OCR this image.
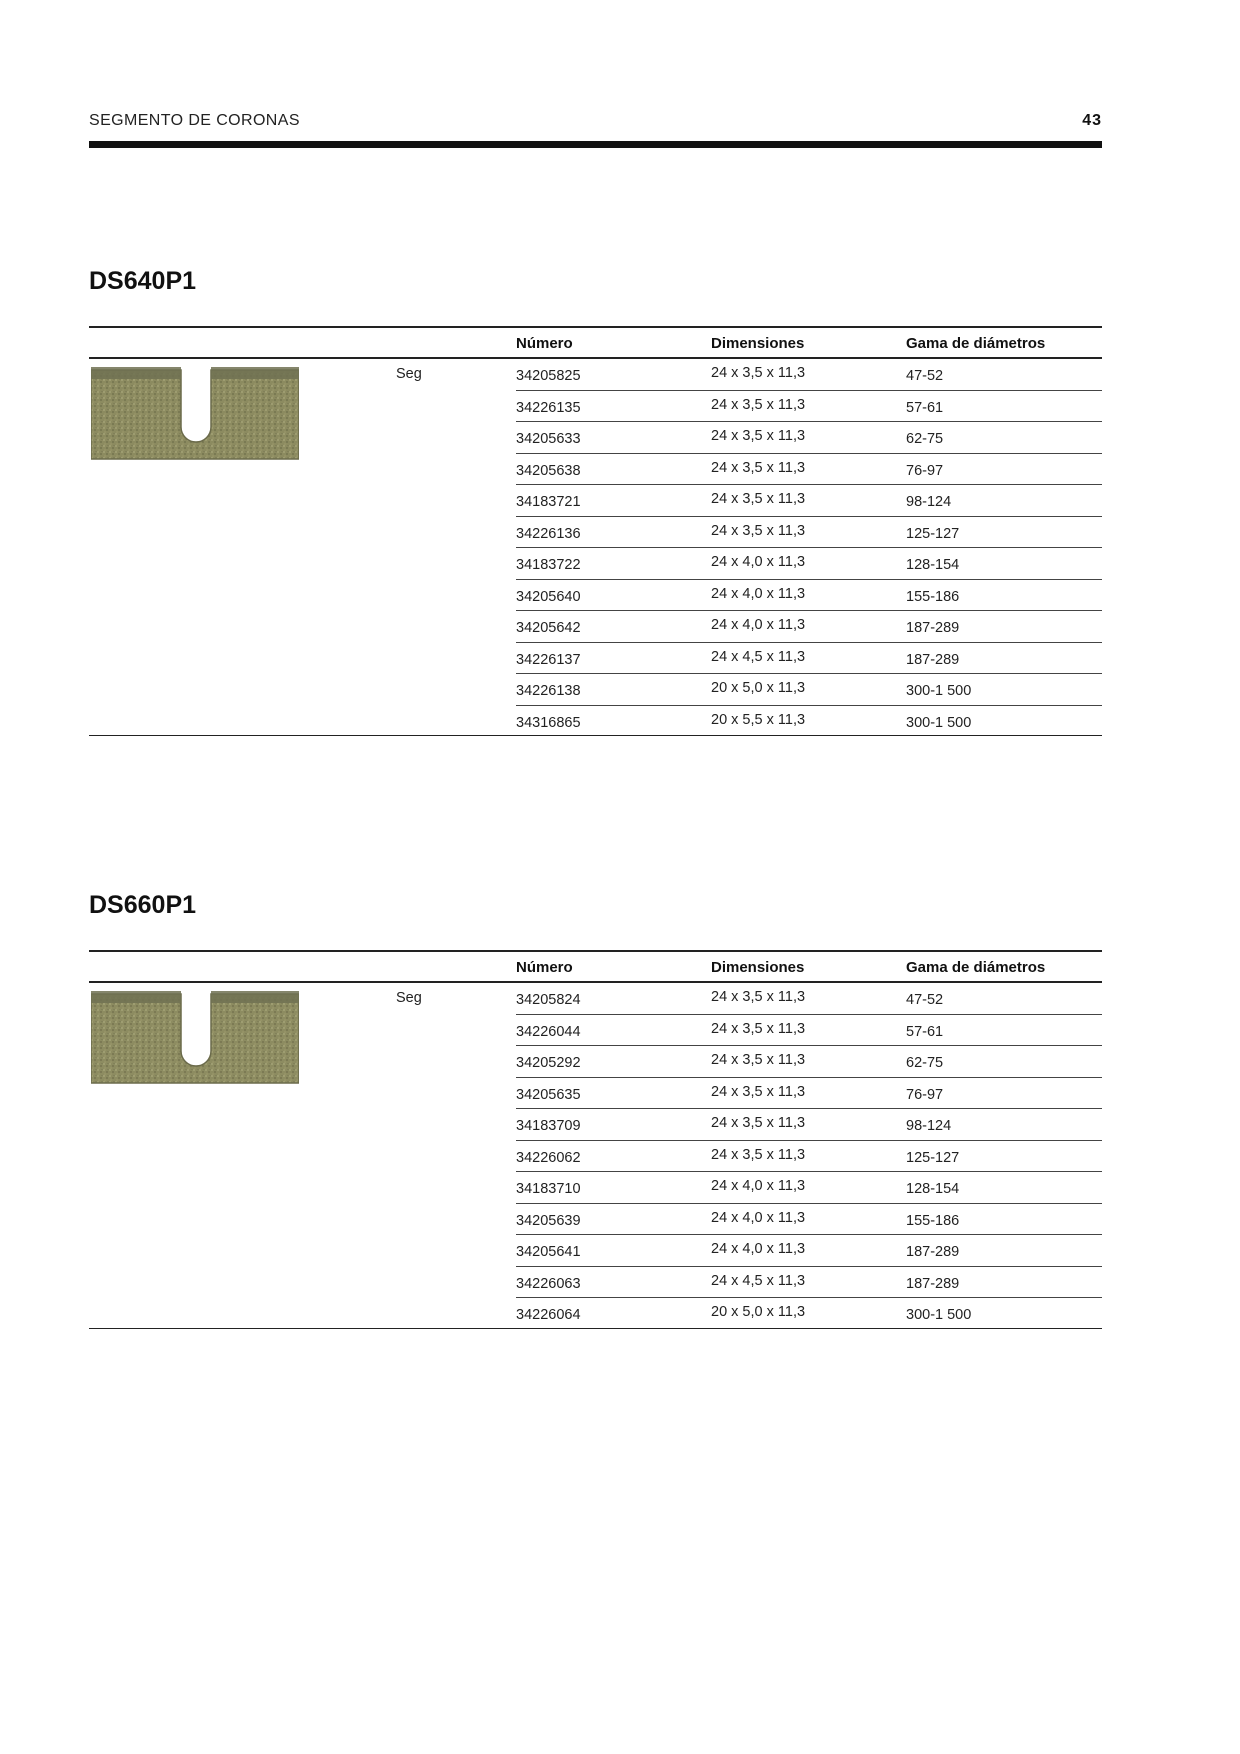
SEGMENTO DE CORONAS	43
DS640P1
Número	Dimensiones	Gama de diámetros
Seg	34205825	24 x 3,5 x 11,3	47-52
34226135	24 x 3,5 x 11,3	57-61
34205633	24 x 3,5 x 11,3	62-75
34205638	24 x 3,5 x 11,3	76-97
34183721	24 x 3,5 x 11,3	98-124
34226136	24 x 3,5 x 11,3	125-127
34183722	24 x 4,0 x 11,3	128-154
34205640	24 x 4,0 x 11,3	155-186
34205642	24 x 4,0 x 11,3	187-289
34226137	24 x 4,5 x 11,3	187-289
34226138	20 x 5,0 x 11,3	300-1 500
34316865	20 x 5,5 x 11,3	300-1 500
DS660P1
Número	Dimensiones	Gama de diámetros
Seg	34205824	24 x 3,5 x 11,3	47-52
34226044	24 x 3,5 x 11,3	57-61
34205292	24 x 3,5 x 11,3	62-75
34205635	24 x 3,5 x 11,3	76-97
34183709	24 x 3,5 x 11,3	98-124
34226062	24 x 3,5 x 11,3	125-127
34183710	24 x 4,0 x 11,3	128-154
34205639	24 x 4,0 x 11,3	155-186
34205641	24 x 4,0 x 11,3	187-289
34226063	24 x 4,5 x 11,3	187-289
34226064	20 x 5,0 x 11,3	300-1 500
